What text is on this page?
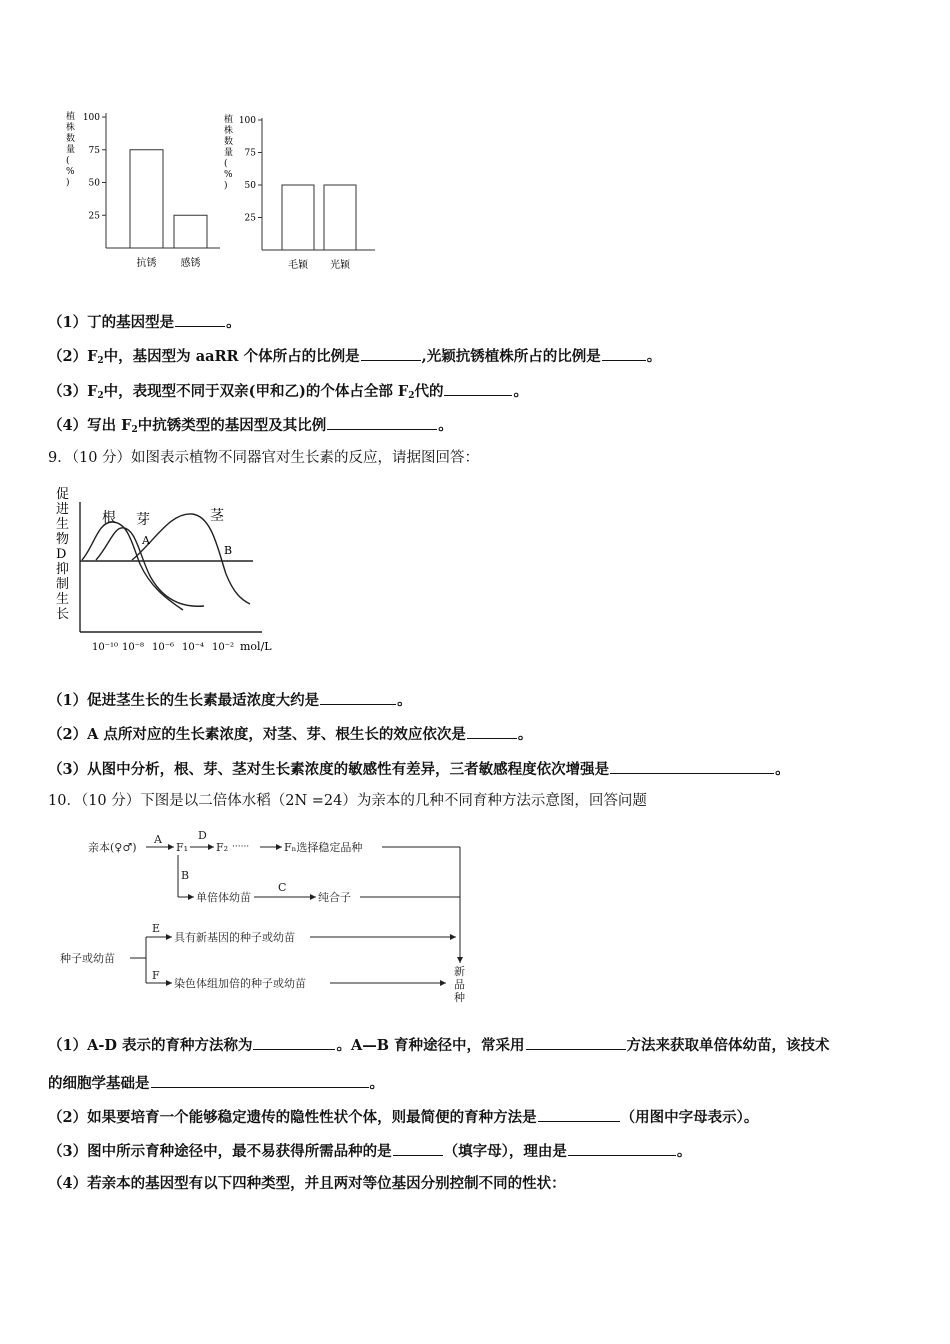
植株数量( % )
25
50
75
100
抗锈 感锈
植株数量( % )
25
50
75
100
毛颖 光颖
（1）丁的基因型是	。
$(2)F_2$中，基因型为 aaRR 个体所占的比例是	,光颖抗锈植株所占的比例是	。
$(3)F_2$中，表现型不同于双亲(甲和乙)的个体占全部 $F_2$代的	。
（4）写出 $F_2$中抗锈类型的基因型及其比例	。
9．（10 分）如图表示植物不同器官对生长素的反应，请据图回答：
促
进
生
物
D
抑
制
生
长
根 芽	茎
A
B
10⁻¹⁰ 10⁻⁸ 10⁻⁶ 10⁻⁴ 10⁻² mol/L
（1）促进茎生长的生长素最适浓度大约是	。
（2）A 点所对应的生长素浓度，对茎、芽、根生长的效应依次是	。
（3）从图中分析，根、芽、茎对生长素浓度的敏感性有差异，三者敏感程度依次增强是	。
10．（10 分）下图是以二倍体水稻（2N =24）为亲本的几种不同育种方法示意图，回答问题
亲本(♀♂)
A
F₁
D
F₂ ······	Fₙ选择稳定品种
B
单倍体幼苗
C
纯合子
种子或幼苗
E
具有新基因的种子或幼苗
F
染色体组加倍的种子或幼苗
新
品
种
（1）A-D 表示的育种方法称为	。A—B 育种途径中，常采用	方法来获取单倍体幼苗，该技术
的细胞学基础是	。
（2）如果要培育一个能够稳定遗传的隐性性状个体，则最简便的育种方法是	（用图中字母表示）。
（3）图中所示育种途径中，最不易获得所需品种的是	（填字母），理由是	。
（4）若亲本的基因型有以下四种类型，并且两对等位基因分别控制不同的性状：
